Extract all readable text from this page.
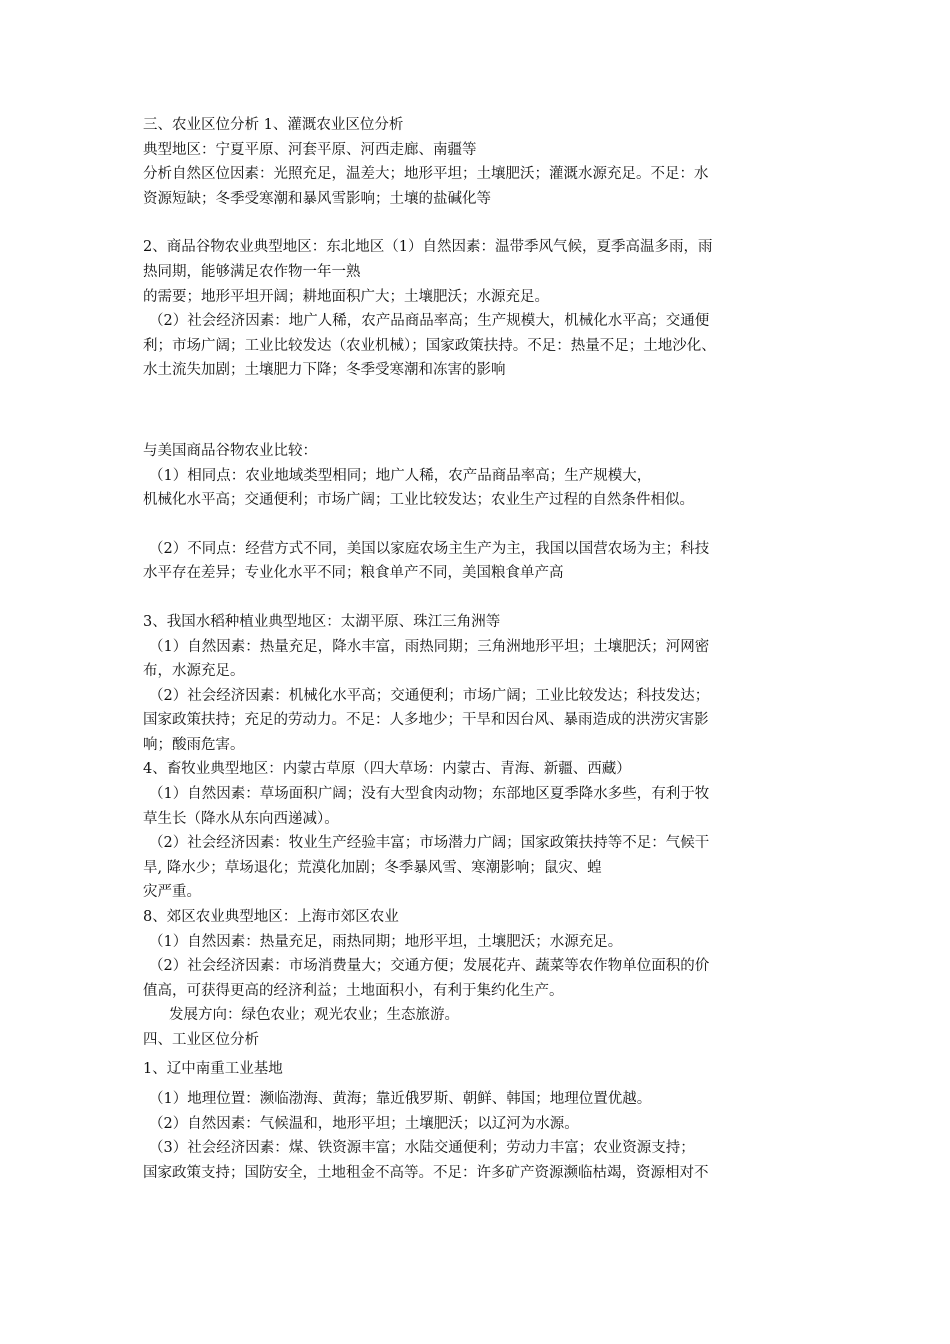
三、农业区位分析 1、灌溉农业区位分析
典型地区：宁夏平原、河套平原、河西走廊、南疆等
分析自然区位因素：光照充足，温差大；地形平坦；土壤肥沃；灌溉水源充足。不足：水
资源短缺；冬季受寒潮和暴风雪影响；土壤的盐碱化等
2、商品谷物农业典型地区：东北地区（1）自然因素：温带季风气候，夏季高温多雨，雨
热同期，能够满足农作物一年一熟
的需要；地形平坦开阔；耕地面积广大；土壤肥沃；水源充足。
（2）社会经济因素：地广人稀，农产品商品率高；生产规模大，机械化水平高；交通便
利；市场广阔；工业比较发达（农业机械）；国家政策扶持。不足：热量不足；土地沙化、
水土流失加剧；土壤肥力下降；冬季受寒潮和冻害的影响
与美国商品谷物农业比较：
（1）相同点：农业地域类型相同；地广人稀，农产品商品率高；生产规模大，
机械化水平高；交通便利；市场广阔；工业比较发达；农业生产过程的自然条件相似。
（2）不同点：经营方式不同，美国以家庭农场主生产为主，我国以国营农场为主；科技
水平存在差异；专业化水平不同；粮食单产不同，美国粮食单产高
3、我国水稻种植业典型地区：太湖平原、珠江三角洲等
（1）自然因素：热量充足，降水丰富，雨热同期；三角洲地形平坦；土壤肥沃；河网密
布，水源充足。
（2）社会经济因素：机械化水平高；交通便利；市场广阔；工业比较发达；科技发达；
国家政策扶持；充足的劳动力。不足：人多地少；干旱和因台风、暴雨造成的洪涝灾害影
响；酸雨危害。
4、畜牧业典型地区：内蒙古草原（四大草场：内蒙古、青海、新疆、西藏）
（1）自然因素：草场面积广阔；没有大型食肉动物；东部地区夏季降水多些，有利于牧
草生长（降水从东向西递减）。
（2）社会经济因素：牧业生产经验丰富；市场潜力广阔；国家政策扶持等不足：气候干
旱, 降水少；草场退化；荒漠化加剧；冬季暴风雪、寒潮影响；鼠灾、蝗
灾严重。
8、郊区农业典型地区：上海市郊区农业
（1）自然因素：热量充足，雨热同期；地形平坦，土壤肥沃；水源充足。
（2）社会经济因素：市场消费量大；交通方便；发展花卉、蔬菜等农作物单位面积的价
值高，可获得更高的经济利益；土地面积小，有利于集约化生产。
发展方向：绿色农业；观光农业；生态旅游。
四、工业区位分析
1、辽中南重工业基地
（1）地理位置：濒临渤海、黄海；靠近俄罗斯、朝鲜、韩国；地理位置优越。
（2）自然因素：气候温和，地形平坦；土壤肥沃；以辽河为水源。
（3）社会经济因素：煤、铁资源丰富；水陆交通便利；劳动力丰富；农业资源支持；
国家政策支持；国防安全，土地租金不高等。不足：许多矿产资源濒临枯竭，资源相对不
